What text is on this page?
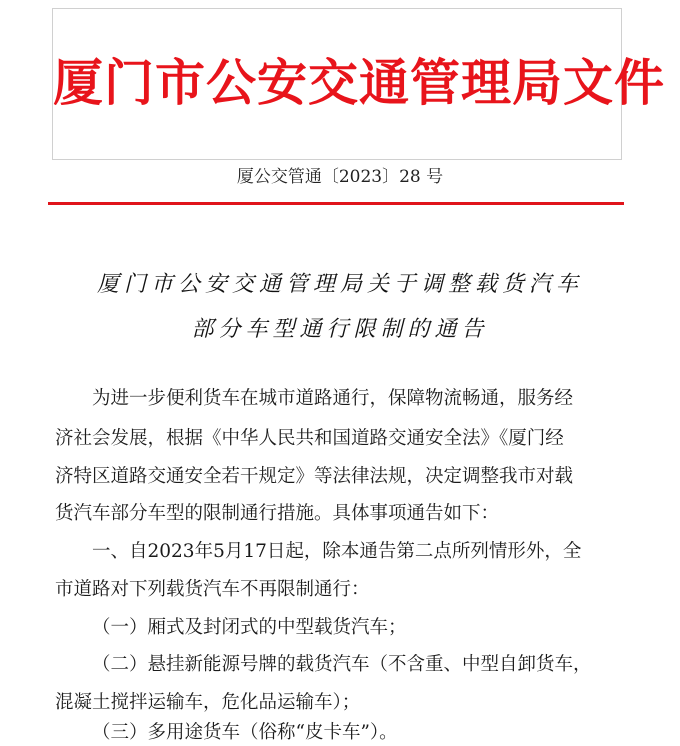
厦门市公安交通管理局文件
厦公交管通〔2023〕28 号
厦门市公安交通管理局关于调整载货汽车
部分车型通行限制的通告
为进一步便利货车在城市道路通行，保障物流畅通，服务经
济社会发展，根据《中华人民共和国道路交通安全法》《厦门经
济特区道路交通安全若干规定》等法律法规，决定调整我市对载
货汽车部分车型的限制通行措施。具体事项通告如下：
一、自2023年5月17日起，除本通告第二点所列情形外，全
市道路对下列载货汽车不再限制通行：
（一）厢式及封闭式的中型载货汽车；
（二）悬挂新能源号牌的载货汽车（不含重、中型自卸货车，
混凝土搅拌运输车，危化品运输车）；
（三）多用途货车（俗称“皮卡车”）。
